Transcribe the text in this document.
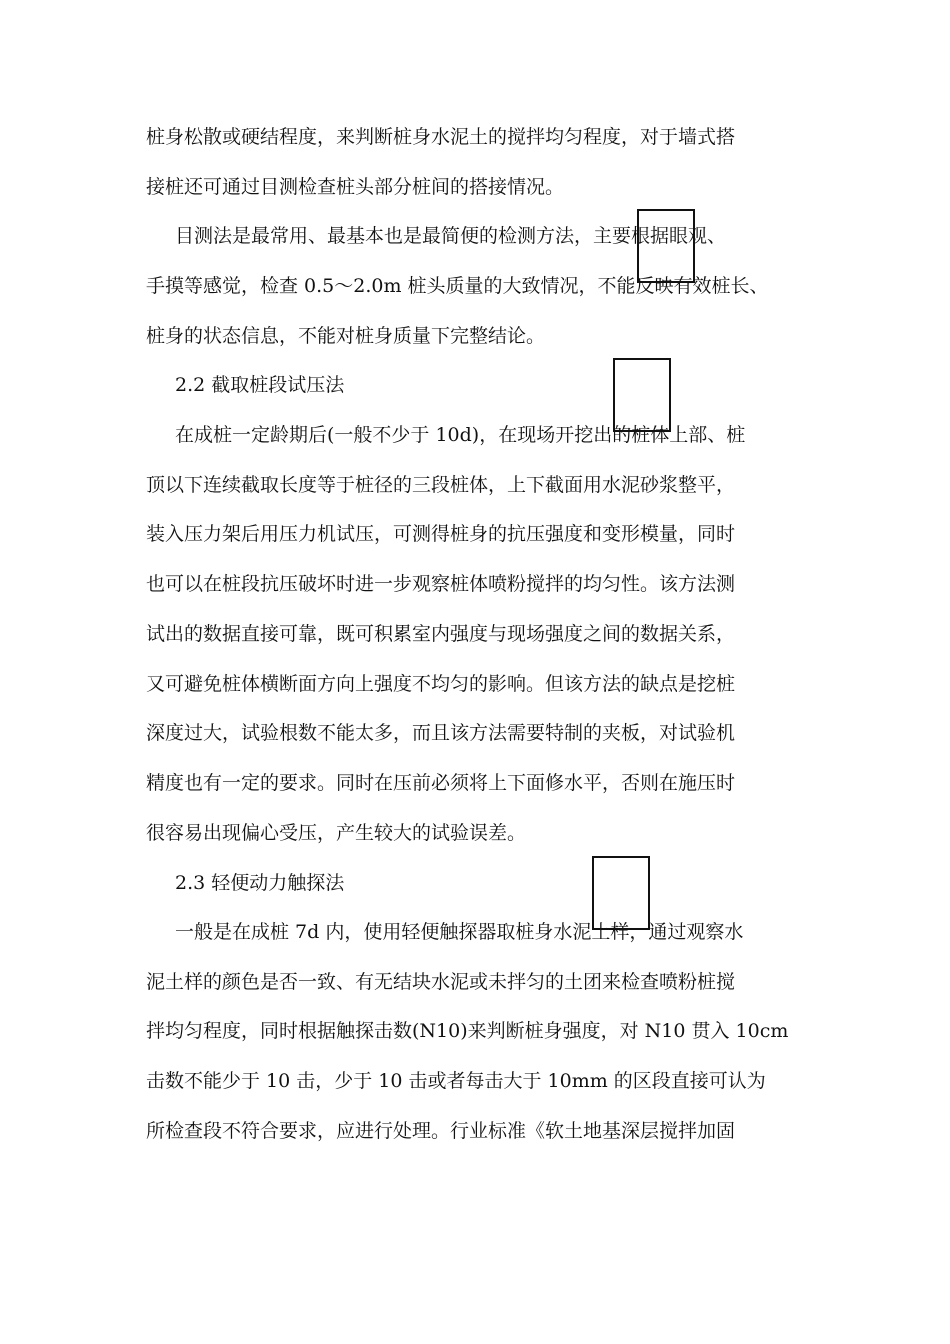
桩身松散或硬结程度，来判断桩身水泥土的搅拌均匀程度，对于墙式搭
接桩还可通过目测检查桩头部分桩间的搭接情况。
目测法是最常用、最基本也是最简便的检测方法，主要根据眼观、
手摸等感觉，检查 0.5～2.0m 桩头质量的大致情况，不能反映有效桩长、
桩身的状态信息，不能对桩身质量下完整结论。
2.2 截取桩段试压法
在成桩一定龄期后(一般不少于 10d)，在现场开挖出的桩体上部、桩
顶以下连续截取长度等于桩径的三段桩体，上下截面用水泥砂浆整平，
装入压力架后用压力机试压，可测得桩身的抗压强度和变形模量，同时
也可以在桩段抗压破坏时进一步观察桩体喷粉搅拌的均匀性。该方法测
试出的数据直接可靠，既可积累室内强度与现场强度之间的数据关系，
又可避免桩体横断面方向上强度不均匀的影响。但该方法的缺点是挖桩
深度过大，试验根数不能太多，而且该方法需要特制的夹板，对试验机
精度也有一定的要求。同时在压前必须将上下面修水平，否则在施压时
很容易出现偏心受压，产生较大的试验误差。
2.3 轻便动力触探法
一般是在成桩 7d 内，使用轻便触探器取桩身水泥土样，通过观察水
泥土样的颜色是否一致、有无结块水泥或未拌匀的土团来检查喷粉桩搅
拌均匀程度，同时根据触探击数(N10)来判断桩身强度，对 N10 贯入 10cm
击数不能少于 10 击，少于 10 击或者每击大于 10mm 的区段直接可认为
所检查段不符合要求，应进行处理。行业标准《软土地基深层搅拌加固
